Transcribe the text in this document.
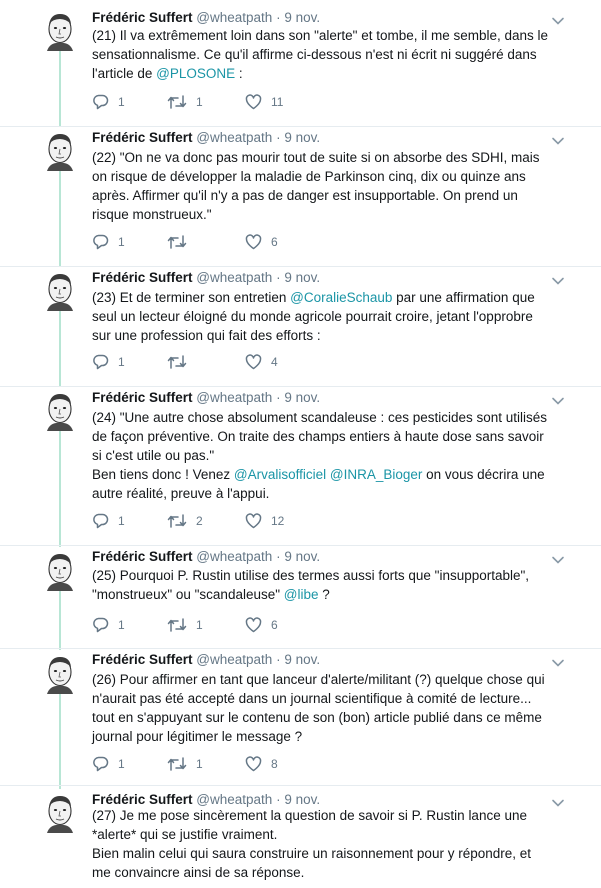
Frédéric Suffert @wheatpath · 9 nov.
(21) Il va extrêmement loin dans son "alerte" et tombe, il me semble, dans le sensationnalisme. Ce qu'il affirme ci-dessous n'est ni écrit ni suggéré dans l'article de @PLOSONE :
1	1	11
Frédéric Suffert @wheatpath · 9 nov.
(22) "On ne va donc pas mourir tout de suite si on absorbe des SDHI, mais on risque de développer la maladie de Parkinson cinq, dix ou quinze ans après. Affirmer qu'il n'y a pas de danger est insupportable. On prend un risque monstrueux."
1	6
Frédéric Suffert @wheatpath · 9 nov.
(23) Et de terminer son entretien @CoralieSchaub par une affirmation que seul un lecteur éloigné du monde agricole pourrait croire, jetant l'opprobre sur une profession qui fait des efforts :
1	4
Frédéric Suffert @wheatpath · 9 nov.
(24) "Une autre chose absolument scandaleuse : ces pesticides sont utilisés de façon préventive. On traite des champs entiers à haute dose sans savoir si c'est utile ou pas."
Ben tiens donc ! Venez @Arvalisofficiel @INRA_Bioger on vous décrira une autre réalité, preuve à l'appui.
1	2	12
Frédéric Suffert @wheatpath · 9 nov.
(25) Pourquoi P. Rustin utilise des termes aussi forts que "insupportable", "monstrueux" ou "scandaleuse" @libe ?
1	1	6
Frédéric Suffert @wheatpath · 9 nov.
(26) Pour affirmer en tant que lanceur d'alerte/militant (?) quelque chose qui n'aurait pas été accepté dans un journal scientifique à comité de lecture... tout en s'appuyant sur le contenu de son (bon) article publié dans ce même journal pour légitimer le message ?
1	1	8
Frédéric Suffert @wheatpath · 9 nov.
(27) Je me pose sincèrement la question de savoir si P. Rustin lance une *alerte* qui se justifie vraiment.
Bien malin celui qui saura construire un raisonnement pour y répondre, et me convaincre ainsi de sa réponse.
